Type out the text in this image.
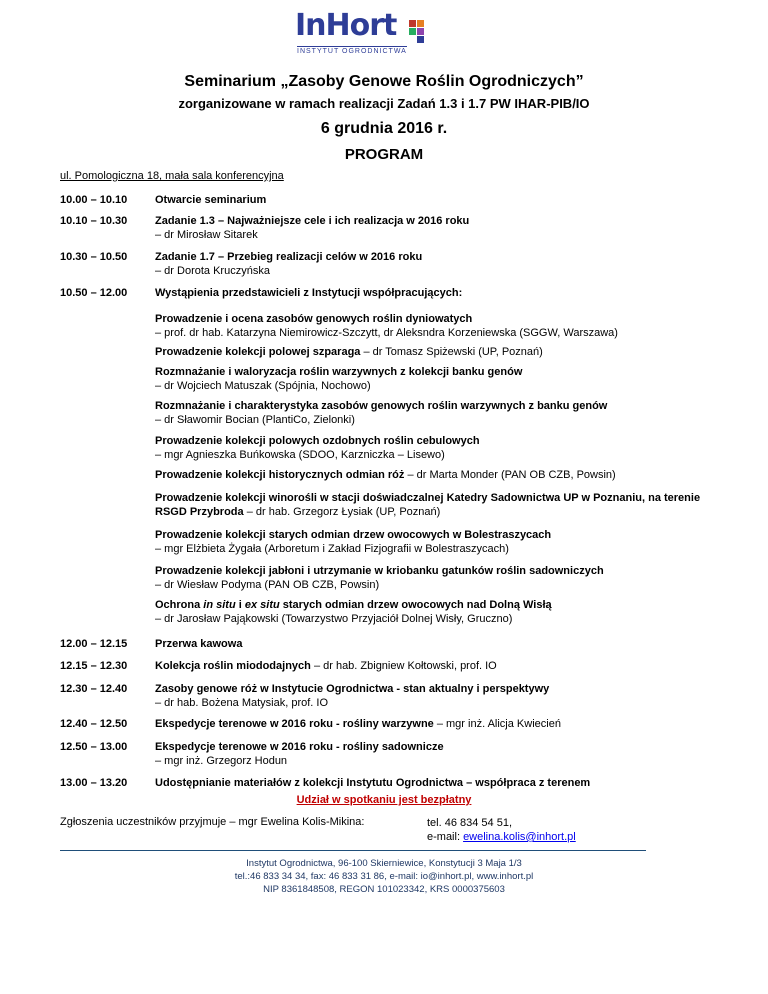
InHort
INSTYTUT OGRODNICTWA
Seminarium „Zasoby Genowe Roślin Ogrodniczych”
zorganizowane w ramach realizacji Zadań 1.3 i 1.7 PW IHAR-PIB/IO
6 grudnia 2016 r.
PROGRAM
ul. Pomologiczna 18, mała sala konferencyjna
10.00 – 10.10	Otwarcie seminarium
10.10 – 10.30	Zadanie 1.3 – Najważniejsze cele i ich realizacja w 2016 roku
– dr Mirosław Sitarek
10.30 – 10.50	Zadanie 1.7 – Przebieg realizacji celów w 2016 roku
– dr Dorota Kruczyńska
10.50 – 12.00	Wystąpienia przedstawicieli z Instytucji współpracujących:
Prowadzenie i ocena zasobów genowych roślin dyniowatych
– prof. dr hab. Katarzyna Niemirowicz-Szczytt, dr Aleksndra Korzeniewska (SGGW, Warszawa)
Prowadzenie kolekcji polowej szparaga – dr Tomasz Spiżewski (UP, Poznań)
Rozmnażanie i waloryzacja roślin warzywnych z kolekcji banku genów
– dr Wojciech Matuszak (Spójnia, Nochowo)
Rozmnażanie i charakterystyka zasobów genowych roślin warzywnych z banku genów
– dr Sławomir Bocian (PlantiCo, Zielonki)
Prowadzenie kolekcji polowych ozdobnych roślin cebulowych
– mgr Agnieszka Buńkowska (SDOO, Karzniczka – Lisewo)
Prowadzenie kolekcji historycznych odmian róż – dr Marta Monder (PAN OB CZB, Powsin)
Prowadzenie kolekcji winorośli w stacji doświadczalnej Katedry Sadownictwa UP w Poznaniu, na terenie RSGD Przybroda – dr hab. Grzegorz Łysiak (UP, Poznań)
Prowadzenie kolekcji starych odmian drzew owocowych w Bolestraszycach
– mgr Elżbieta Żygała (Arboretum i Zakład Fizjografii w Bolestraszycach)
Prowadzenie kolekcji jabłoni i utrzymanie w kriobanku gatunków roślin sadowniczych
– dr Wiesław Podyma (PAN OB CZB, Powsin)
Ochrona in situ i ex situ starych odmian drzew owocowych nad Dolną Wisłą
– dr Jarosław Pająkowski (Towarzystwo Przyjaciół Dolnej Wisły, Gruczno)
12.00 – 12.15	Przerwa kawowa
12.15 – 12.30	Kolekcja roślin miododajnych – dr hab. Zbigniew Kołtowski, prof. IO
12.30 – 12.40	Zasoby genowe róż w Instytucie Ogrodnictwa - stan aktualny i perspektywy
– dr hab. Bożena Matysiak, prof. IO
12.40 – 12.50	Ekspedycje terenowe w 2016 roku - rośliny warzywne – mgr inż. Alicja Kwiecień
12.50 – 13.00	Ekspedycje terenowe w 2016 roku - rośliny sadownicze
– mgr inż. Grzegorz Hodun
13.00 – 13.20	Udostępnianie materiałów z kolekcji Instytutu Ogrodnictwa – współpraca z terenem
Udział w spotkaniu jest bezpłatny
Zgłoszenia uczestników przyjmuje – mgr Ewelina Kolis-Mikina:	tel. 46 834 54 51,
e-mail: ewelina.kolis@inhort.pl
Instytut Ogrodnictwa, 96-100 Skierniewice, Konstytucji 3 Maja 1/3
tel.:46 833 34 34, fax: 46 833 31 86, e-mail: io@inhort.pl, www.inhort.pl
NIP 8361848508, REGON 101023342, KRS 0000375603
